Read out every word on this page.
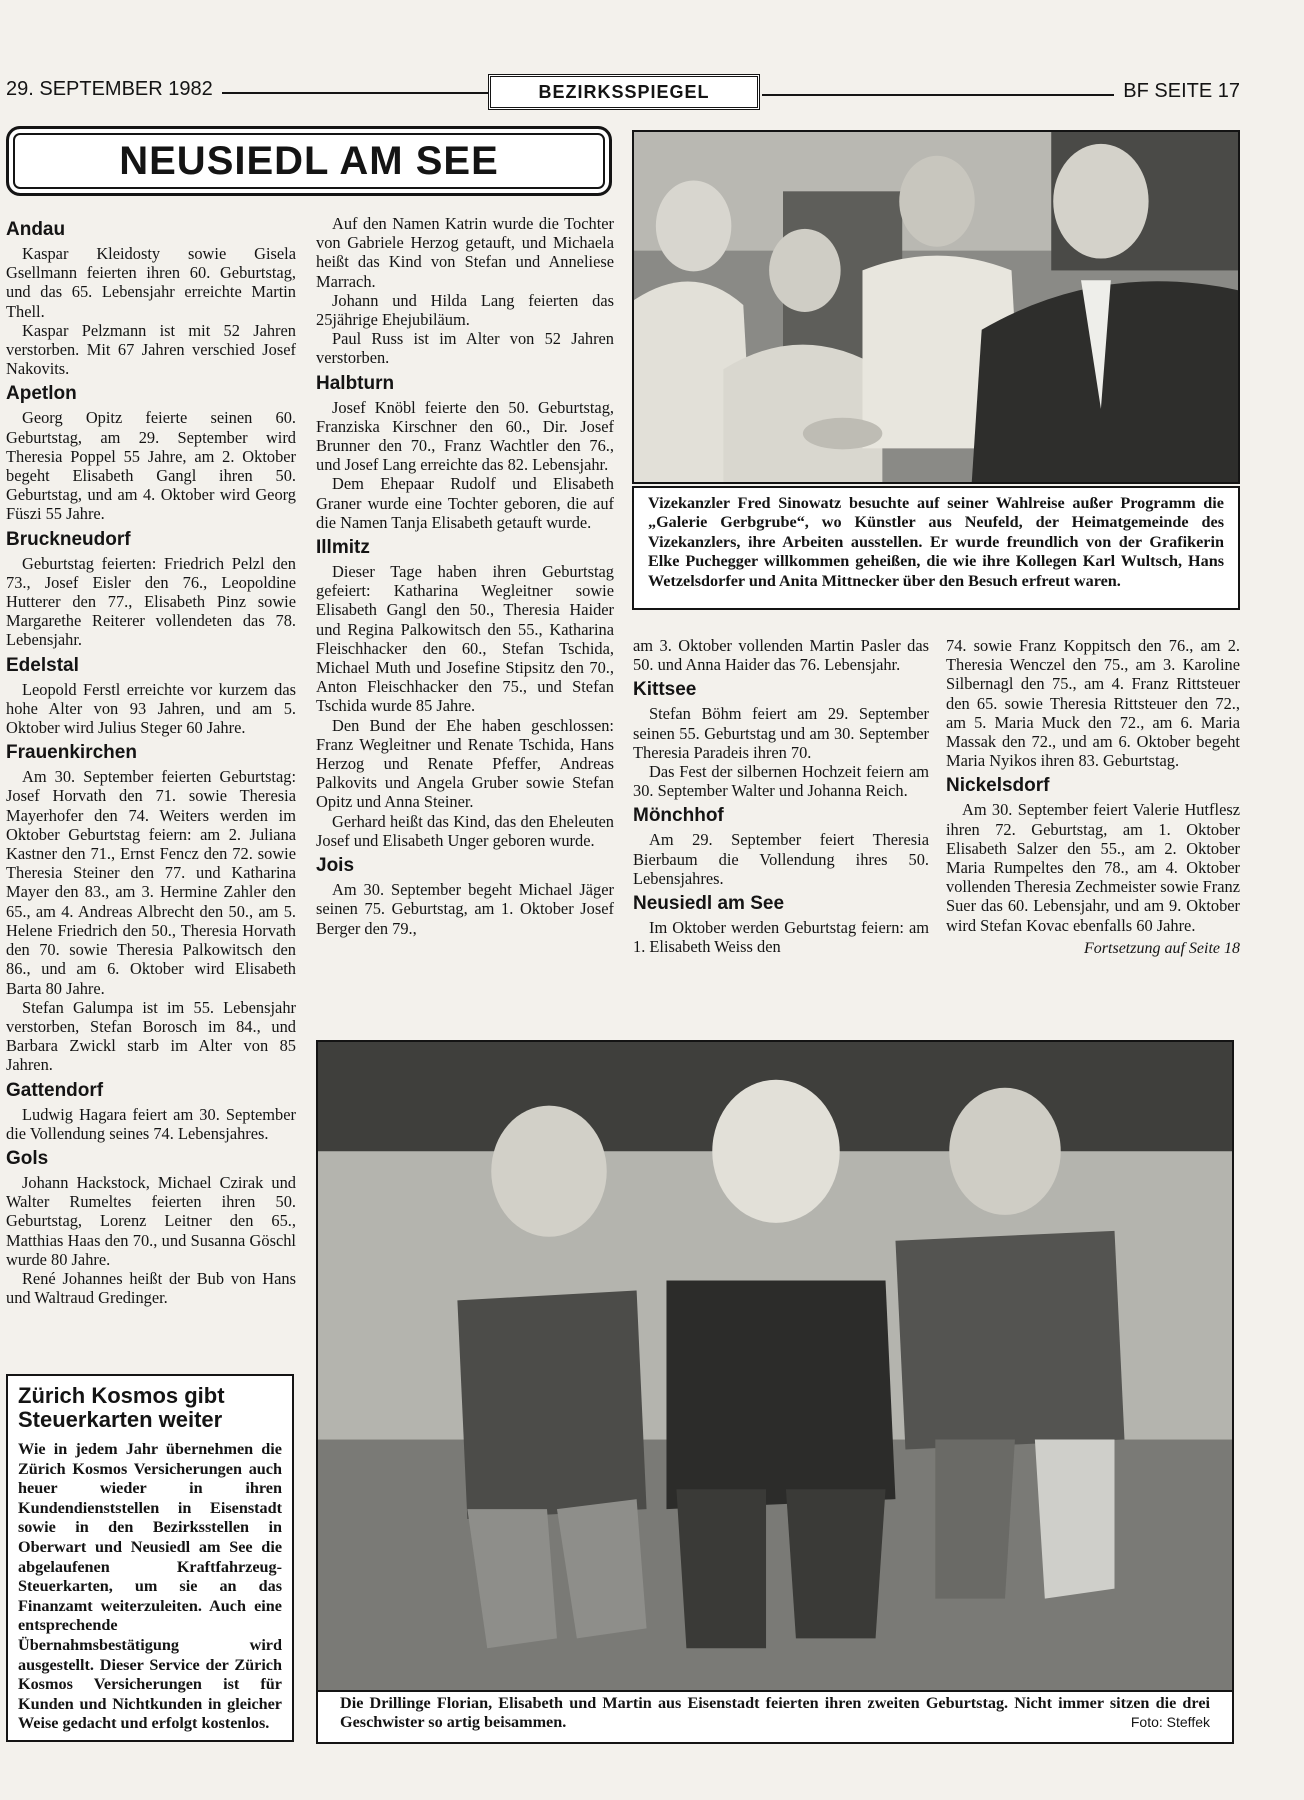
29. SEPTEMBER 1982	BEZIRKSSPIEGEL	BF SEITE 17
NEUSIEDL AM SEE
Andau

Kaspar Kleidosty sowie Gisela Gsellmann feierten ihren 60. Geburtstag, und das 65. Lebensjahr erreichte Martin Thell.

Kaspar Pelzmann ist mit 52 Jahren verstorben. Mit 67 Jahren verschied Josef Nakovits.

Apetlon

Georg Opitz feierte seinen 60. Geburtstag, am 29. September wird Theresia Poppel 55 Jahre, am 2. Oktober begeht Elisabeth Gangl ihren 50. Geburtstag, und am 4. Oktober wird Georg Füszi 55 Jahre.

Bruckneudorf

Geburtstag feierten: Friedrich Pelzl den 73., Josef Eisler den 76., Leopoldine Hutterer den 77., Elisabeth Pinz sowie Margarethe Reiterer vollendeten das 78. Lebensjahr.

Edelstal

Leopold Ferstl erreichte vor kurzem das hohe Alter von 93 Jahren, und am 5. Oktober wird Julius Steger 60 Jahre.

Frauenkirchen

Am 30. September feierten Geburtstag: Josef Horvath den 71. sowie Theresia Mayerhofer den 74. Weiters werden im Oktober Geburtstag feiern: am 2. Juliana Kastner den 71., Ernst Fencz den 72. sowie Theresia Steiner den 77. und Katharina Mayer den 83., am 3. Hermine Zahler den 65., am 4. Andreas Albrecht den 50., am 5. Helene Friedrich den 50., Theresia Horvath den 70. sowie Theresia Palkowitsch den 86., und am 6. Oktober wird Elisabeth Barta 80 Jahre.

Stefan Galumpa ist im 55. Lebensjahr verstorben, Stefan Borosch im 84., und Barbara Zwickl starb im Alter von 85 Jahren.

Gattendorf

Ludwig Hagara feiert am 30. September die Vollendung seines 74. Lebensjahres.

Gols

Johann Hackstock, Michael Czirak und Walter Rumeltes feierten ihren 50. Geburtstag, Lorenz Leitner den 65., Matthias Haas den 70., und Susanna Göschl wurde 80 Jahre.

René Johannes heißt der Bub von Hans und Waltraud Gredinger.

Auf den Namen Katrin wurde die Tochter von Gabriele Herzog getauft, und Michaela heißt das Kind von Stefan und Anneliese Marrach.

Johann und Hilda Lang feierten das 25jährige Ehejubiläum.

Paul Russ ist im Alter von 52 Jahren verstorben.

Halbturn

Josef Knöbl feierte den 50. Geburtstag, Franziska Kirschner den 60., Dir. Josef Brunner den 70., Franz Wachtler den 76., und Josef Lang erreichte das 82. Lebensjahr.

Dem Ehepaar Rudolf und Elisabeth Graner wurde eine Tochter geboren, die auf die Namen Tanja Elisabeth getauft wurde.

Illmitz

Dieser Tage haben ihren Geburtstag gefeiert: Katharina Wegleitner sowie Elisabeth Gangl den 50., Theresia Haider und Regina Palkowitsch den 55., Katharina Fleischhacker den 60., Stefan Tschida, Michael Muth und Josefine Stipsitz den 70., Anton Fleischhacker den 75., und Stefan Tschida wurde 85 Jahre.

Den Bund der Ehe haben geschlossen: Franz Wegleitner und Renate Tschida, Hans Herzog und Renate Pfeffer, Andreas Palkovits und Angela Gruber sowie Stefan Opitz und Anna Steiner.

Gerhard heißt das Kind, das den Eheleuten Josef und Elisabeth Unger geboren wurde.

Jois

Am 30. September begeht Michael Jäger seinen 75. Geburtstag, am 1. Oktober Josef Berger den 79.,

Vizekanzler Fred Sinowatz besuchte auf seiner Wahlreise außer Programm die „Galerie Gerbgrube“, wo Künstler aus Neufeld, der Heimatgemeinde des Vizekanzlers, ihre Arbeiten ausstellen. Er wurde freundlich von der Grafikerin Elke Puchegger willkommen geheißen, die wie ihre Kollegen Karl Wultsch, Hans Wetzelsdorfer und Anita Mittnecker über den Besuch erfreut waren.

am 3. Oktober vollenden Martin Pasler das 50. und Anna Haider das 76. Lebensjahr.

Kittsee

Stefan Böhm feiert am 29. September seinen 55. Geburtstag und am 30. September Theresia Paradeis ihren 70.

Das Fest der silbernen Hochzeit feiern am 30. September Walter und Johanna Reich.

Mönchhof

Am 29. September feiert Theresia Bierbaum die Vollendung ihres 50. Lebensjahres.

Neusiedl am See

Im Oktober werden Geburtstag feiern: am 1. Elisabeth Weiss den

74. sowie Franz Koppitsch den 76., am 2. Theresia Wenczel den 75., am 3. Karoline Silbernagl den 75., am 4. Franz Rittsteuer den 65. sowie Theresia Rittsteuer den 72., am 5. Maria Muck den 72., am 6. Maria Massak den 72., und am 6. Oktober begeht Maria Nyikos ihren 83. Geburtstag.

Nickelsdorf

Am 30. September feiert Valerie Hutflesz ihren 72. Geburtstag, am 1. Oktober Elisabeth Salzer den 55., am 2. Oktober Maria Rumpeltes den 78., am 4. Oktober vollenden Theresia Zechmeister sowie Franz Suer das 60. Lebensjahr, und am 9. Oktober wird Stefan Kovac ebenfalls 60 Jahre.

Fortsetzung auf Seite 18
Die Drillinge Florian, Elisabeth und Martin aus Eisenstadt feierten ihren zweiten Geburtstag. Nicht immer sitzen die drei Geschwister so artig beisammen.	Foto: Steffek
Zürich Kosmos gibt Steuerkarten weiter

Wie in jedem Jahr übernehmen die Zürich Kosmos Versicherungen auch heuer wieder in ihren Kundendienststellen in Eisenstadt sowie in den Bezirksstellen in Oberwart und Neusiedl am See die abgelaufenen Kraftfahrzeug-Steuerkarten, um sie an das Finanzamt weiterzuleiten. Auch eine entsprechende Übernahmsbestätigung wird ausgestellt. Dieser Service der Zürich Kosmos Versicherungen ist für Kunden und Nichtkunden in gleicher Weise gedacht und erfolgt kostenlos.
